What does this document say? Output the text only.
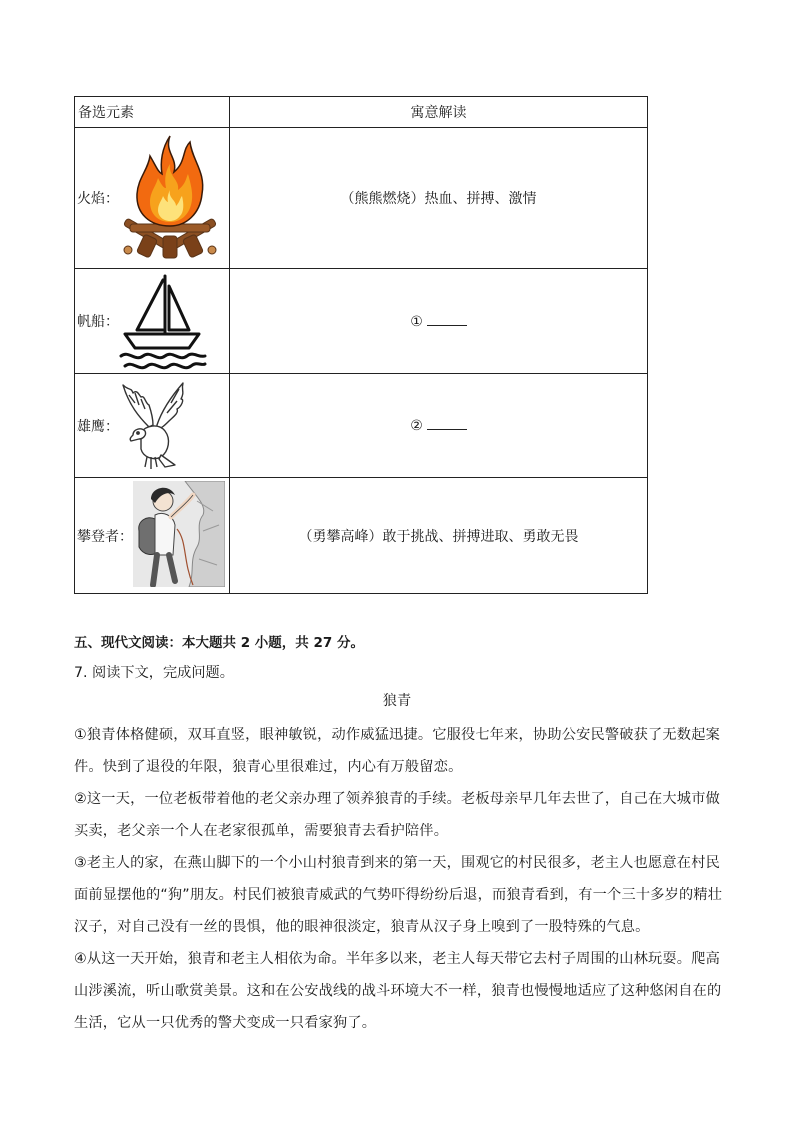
备选元素	寓意解读

火焰：	（熊熊燃烧）热血、拼搏、激情

帆船：	①

雄鹰：	②

攀登者：	（勇攀高峰）敢于挑战、拼搏进取、勇敢无畏
五、现代文阅读：本大题共 2 小题，共 27 分。
7. 阅读下文，完成问题。
狼青
①狼青体格健硕，双耳直竖，眼神敏锐，动作威猛迅捷。它服役七年来，协助公安民警破获了无数起案件。快到了退役的年限，狼青心里很难过，内心有万般留恋。
②这一天，一位老板带着他的老父亲办理了领养狼青的手续。老板母亲早几年去世了，自己在大城市做买卖，老父亲一个人在老家很孤单，需要狼青去看护陪伴。
③老主人的家，在燕山脚下的一个小山村狼青到来的第一天，围观它的村民很多，老主人也愿意在村民面前显摆他的“狗”朋友。村民们被狼青威武的气势吓得纷纷后退，而狼青看到，有一个三十多岁的精壮汉子，对自己没有一丝的畏惧，他的眼神很淡定，狼青从汉子身上嗅到了一股特殊的气息。
④从这一天开始，狼青和老主人相依为命。半年多以来，老主人每天带它去村子周围的山林玩耍。爬高山涉溪流，听山歌赏美景。这和在公安战线的战斗环境大不一样，狼青也慢慢地适应了这种悠闲自在的生活，它从一只优秀的警犬变成一只看家狗了。
